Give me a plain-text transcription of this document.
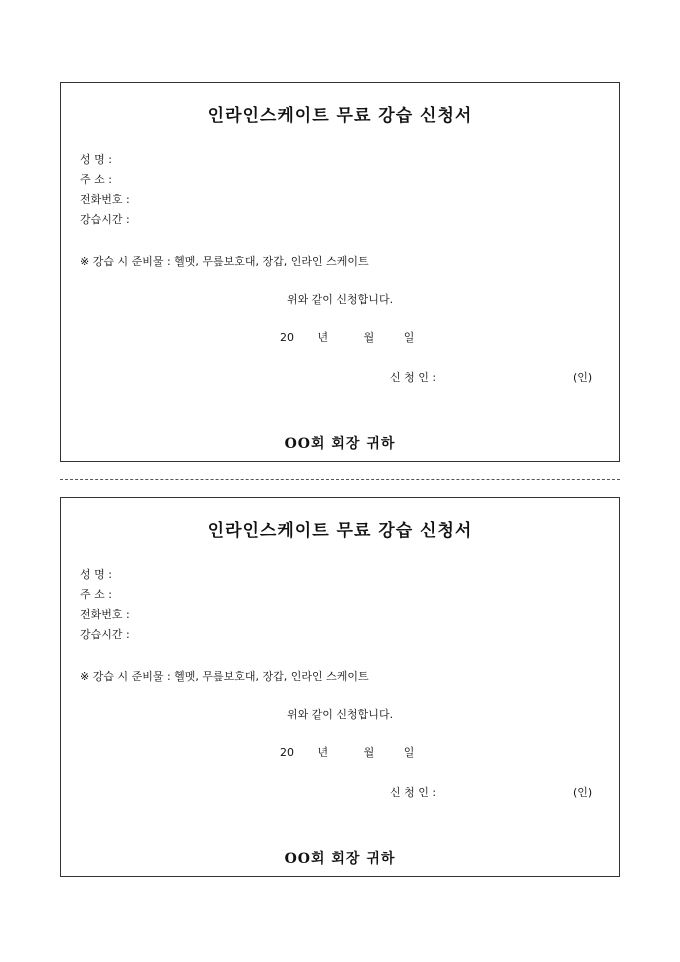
인라인스케이트 무료 강습 신청서
성 명 :
주 소 :
전화번호 :
강습시간 :
※ 강습 시 준비물 : 헬멧, 무릎보호대, 장갑, 인라인 스케이트
위와 같이 신청합니다.
20 년	월	일
신 청 인 :	(인)
OO회 회장 귀하
인라인스케이트 무료 강습 신청서
성 명 :
주 소 :
전화번호 :
강습시간 :
※ 강습 시 준비물 : 헬멧, 무릎보호대, 장갑, 인라인 스케이트
위와 같이 신청합니다.
20 년	월	일
신 청 인 :	(인)
OO회 회장 귀하
